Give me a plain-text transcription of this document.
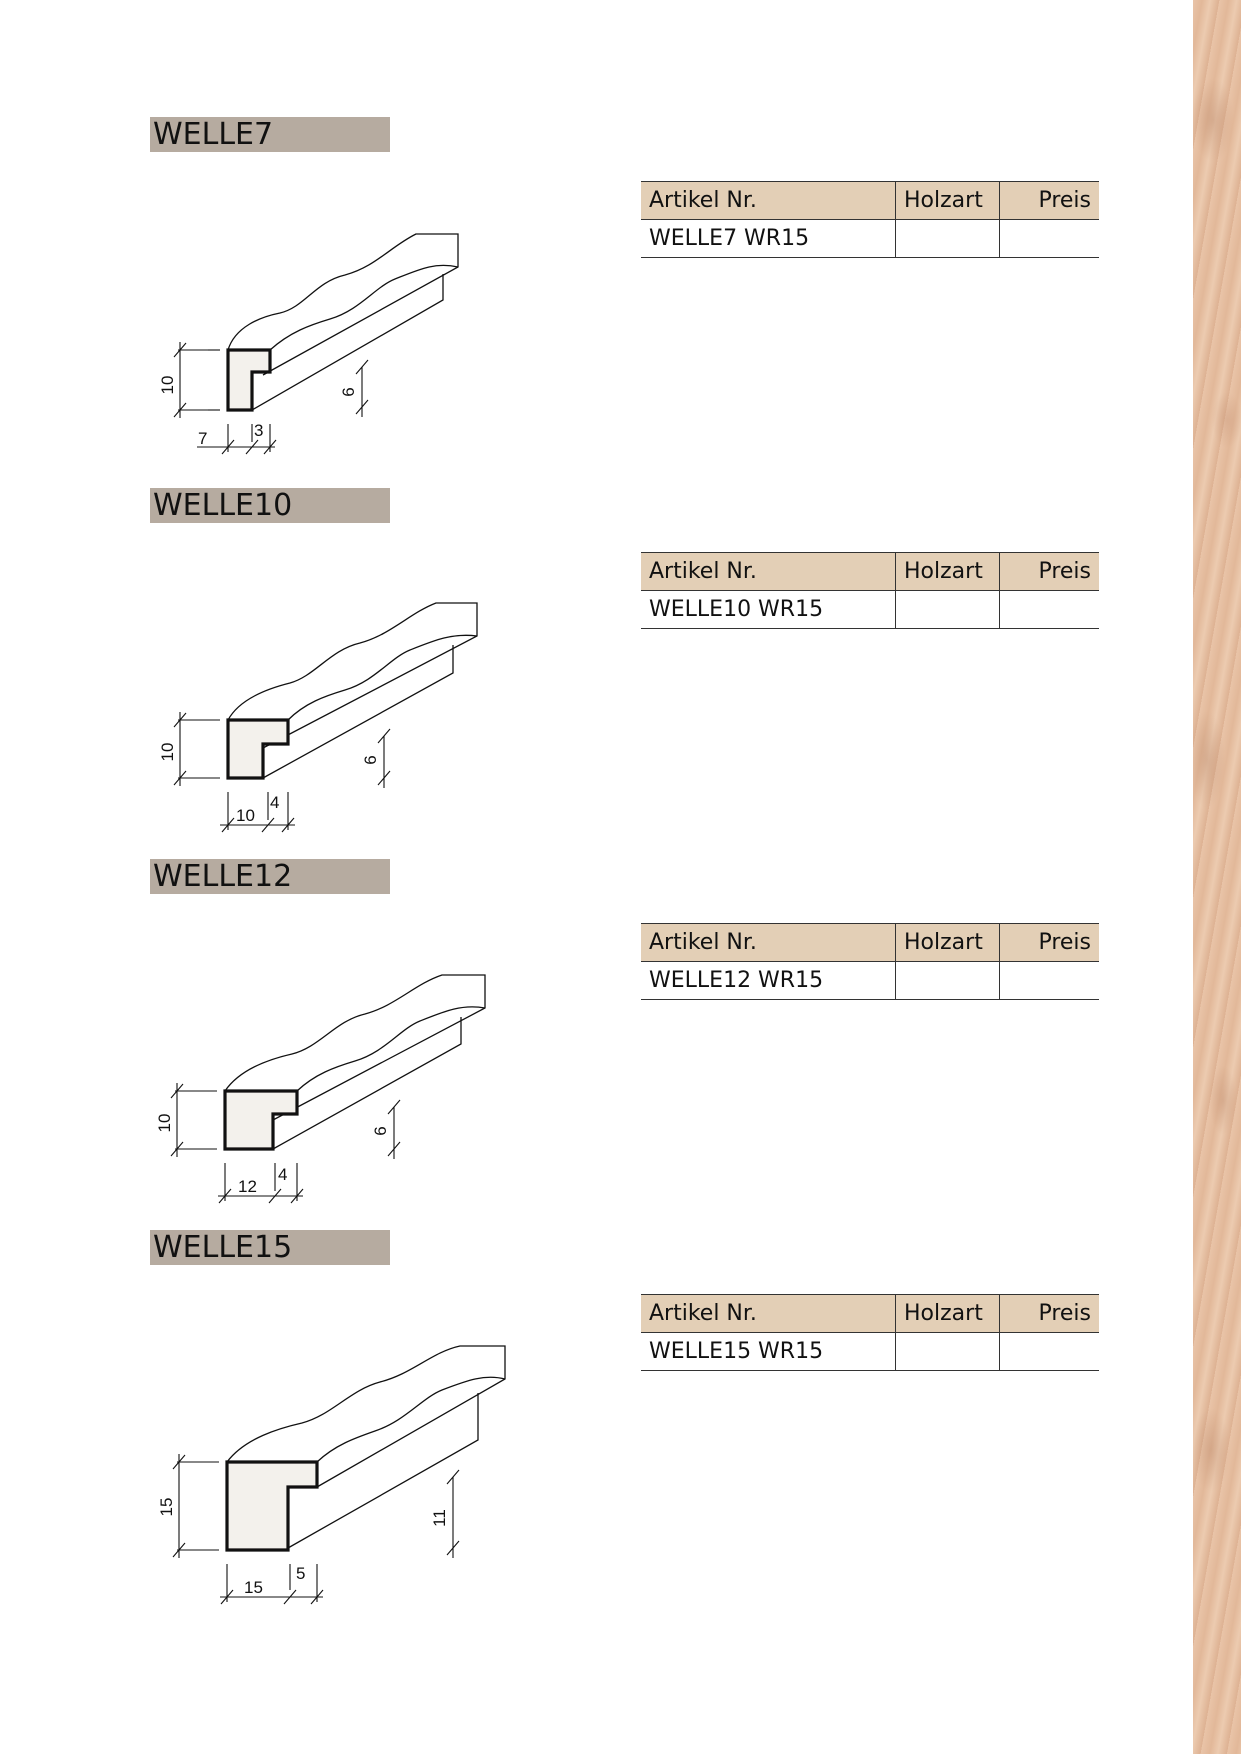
WELLE7
10	6
7	3
Artikel Nr.	Holzart	Preis
WELLE7 WR15		
WELLE10
10	6
10
4
Artikel Nr.	Holzart	Preis
WELLE10 WR15		
WELLE12
10	6
12
4
Artikel Nr.	Holzart	Preis
WELLE12 WR15		
WELLE15
15
11
15
5
Artikel Nr.	Holzart	Preis
WELLE15 WR15		
